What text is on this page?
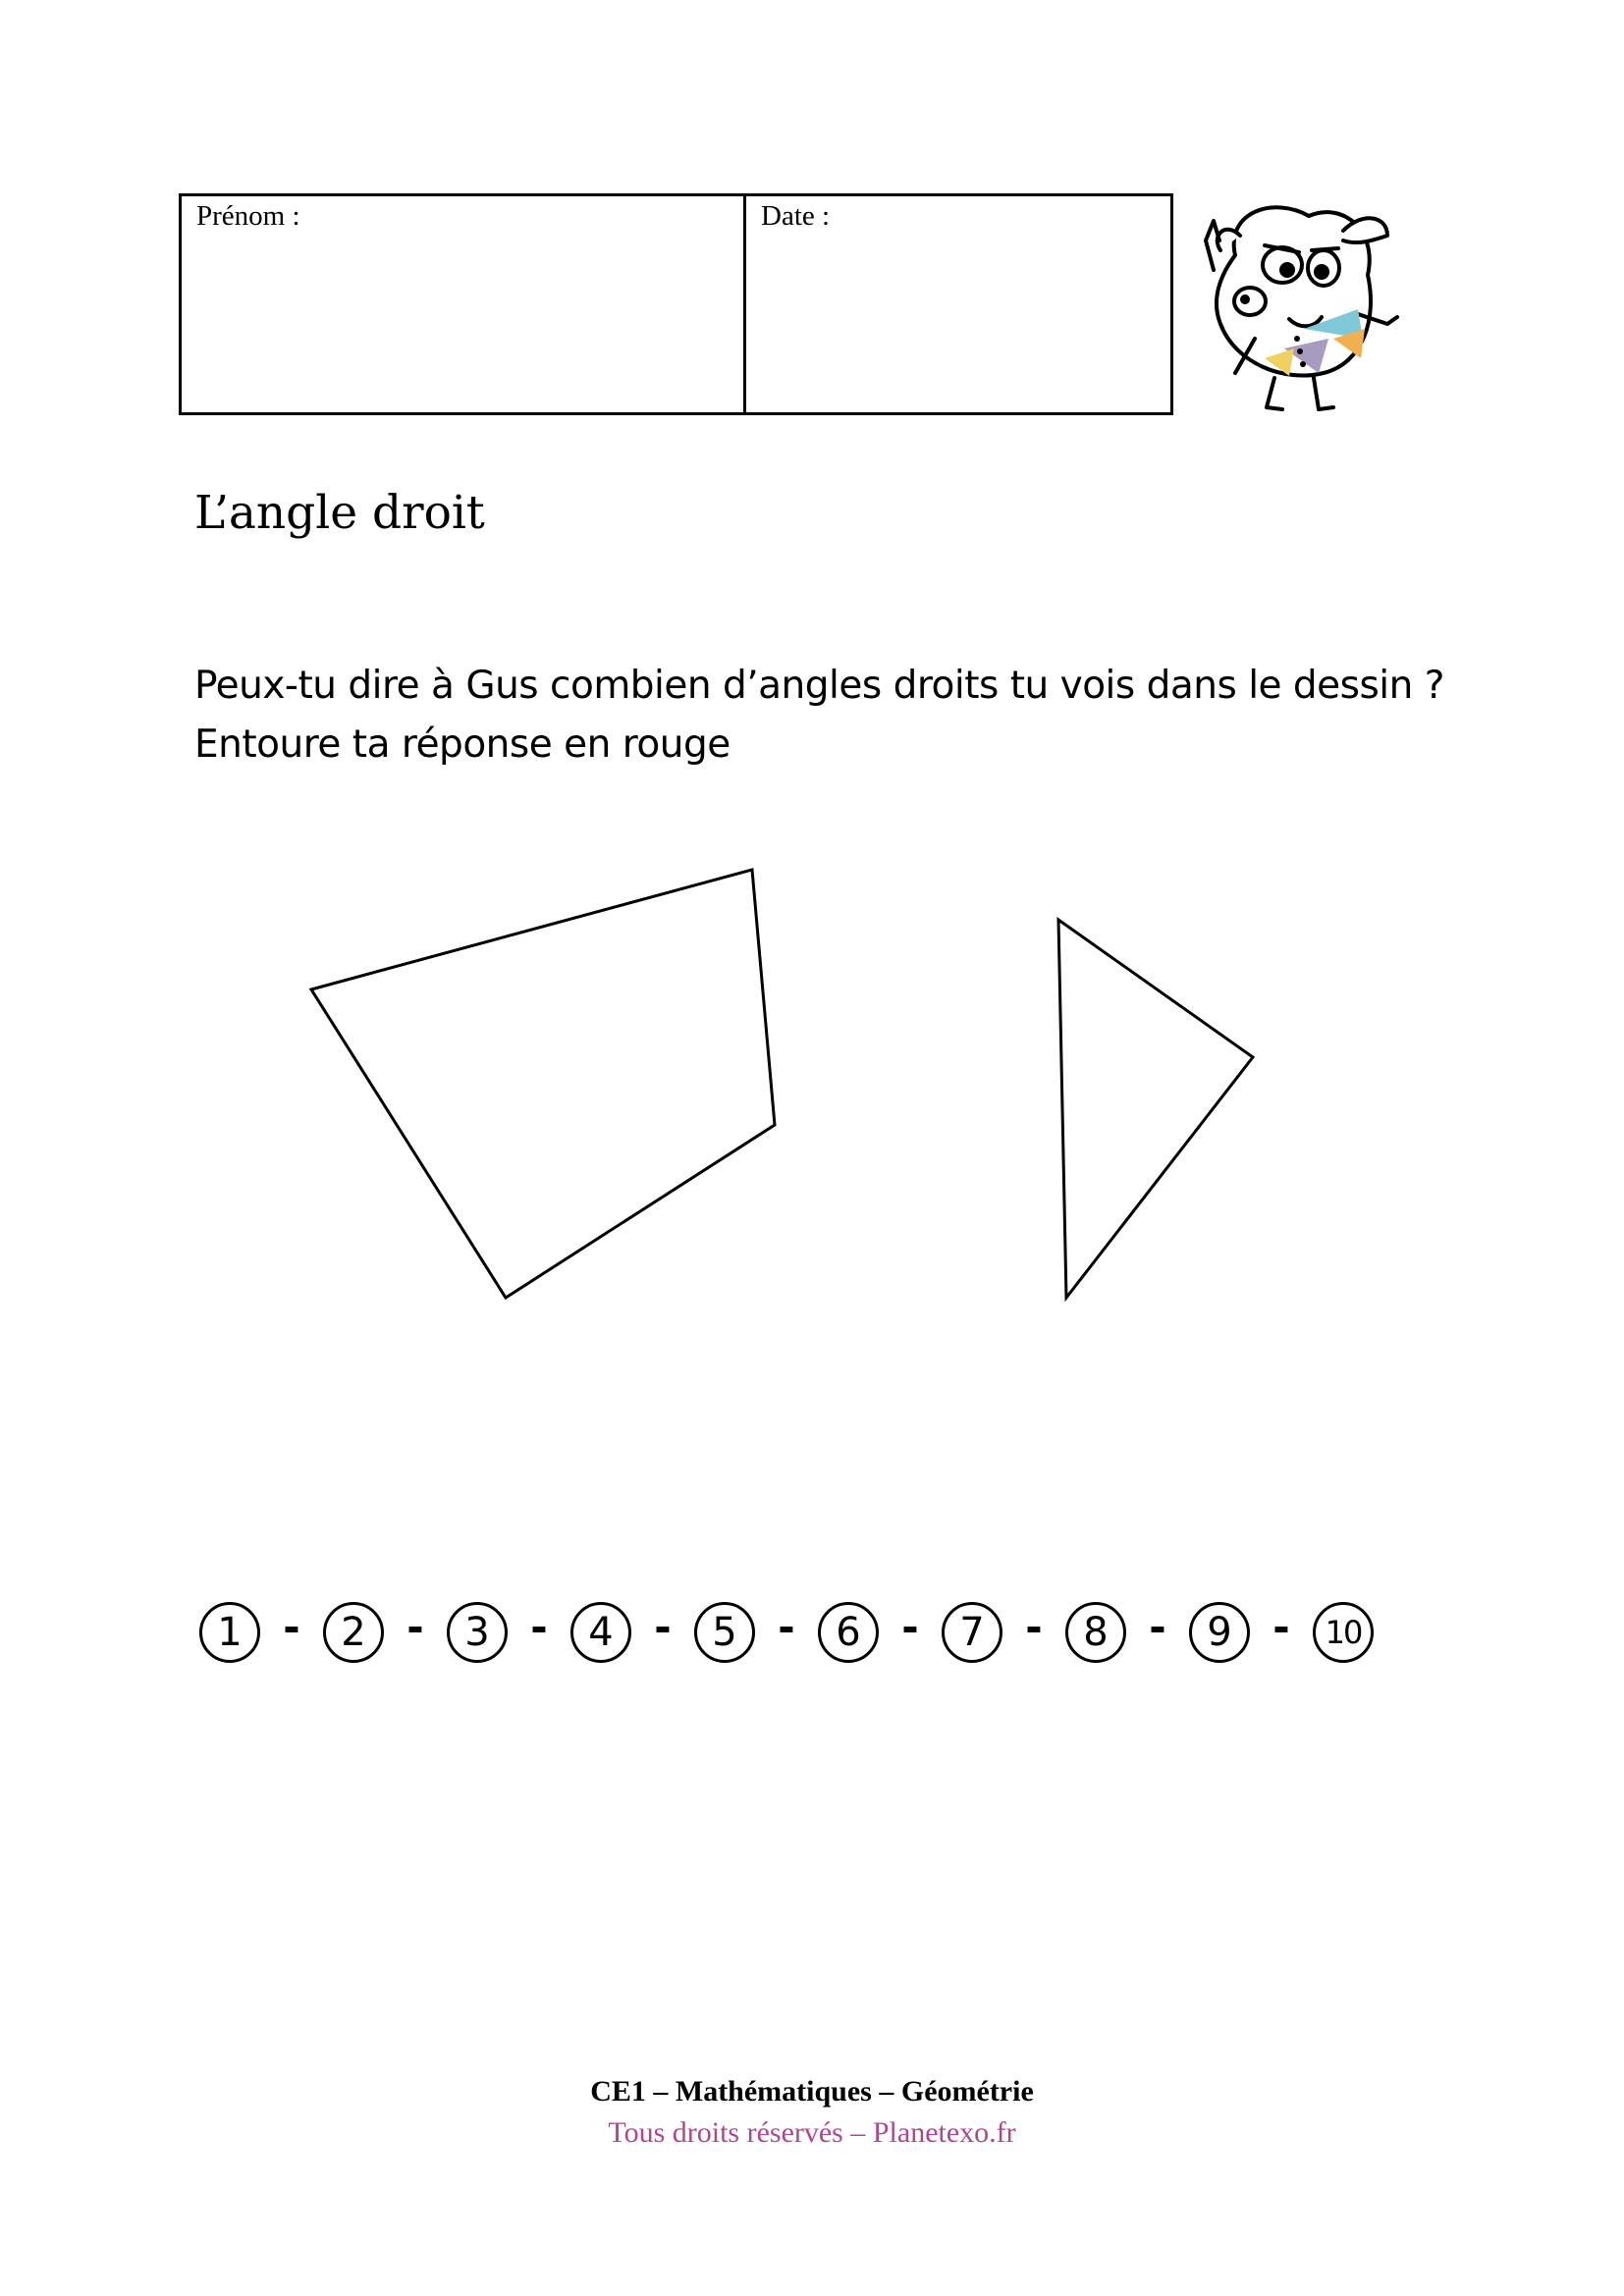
Prénom :	Date :
L’angle droit
Peux-tu dire à Gus combien d’angles droits tu vois dans le dessin ?
Entoure ta réponse en rouge
1 -	2 -	3 -	4 -	5 -	6 -	7 -	8 -	9 -	10
CE1 – Mathématiques – Géométrie
Tous droits réservés – Planetexo.fr
